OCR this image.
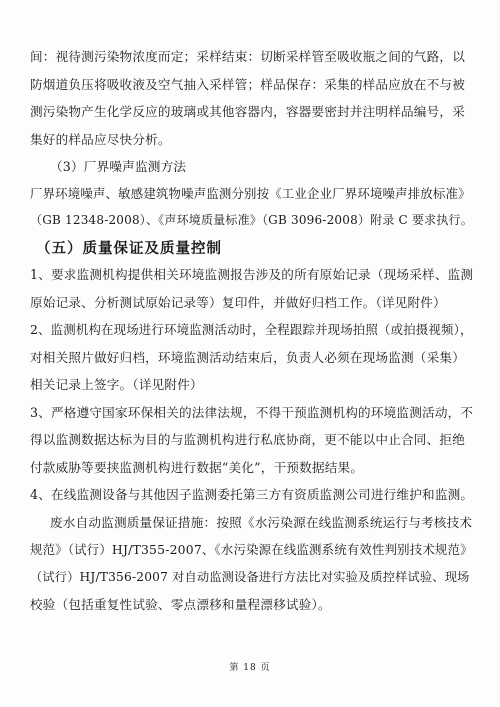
间：视待测污染物浓度而定；采样结束：切断采样管至吸收瓶之间的气路，以
防烟道负压将吸收液及空气抽入采样管；样品保存：采集的样品应放在不与被
测污染物产生化学反应的玻璃或其他容器内，容器要密封并注明样品编号，采
集好的样品应尽快分析。
（3）厂界噪声监测方法
厂界环境噪声、敏感建筑物噪声监测分别按《工业企业厂界环境噪声排放标准》
（GB 12348-2008）、《声环境质量标准》（GB 3096-2008）附录 C 要求执行。
（五）质量保证及质量控制
1、要求监测机构提供相关环境监测报告涉及的所有原始记录（现场采样、监测
原始记录、分析测试原始记录等）复印件，并做好归档工作。（详见附件）
2、监测机构在现场进行环境监测活动时，全程跟踪并现场拍照（或拍摄视频），
对相关照片做好归档，环境监测活动结束后，负责人必须在现场监测（采集）
相关记录上签字。（详见附件）
3、严格遵守国家环保相关的法律法规，不得干预监测机构的环境监测活动，不
得以监测数据达标为目的与监测机构进行私底协商，更不能以中止合同、拒绝
付款威胁等要挟监测机构进行数据“美化”，干预数据结果。
4、在线监测设备与其他因子监测委托第三方有资质监测公司进行维护和监测。
废水自动监测质量保证措施：按照《水污染源在线监测系统运行与考核技术
规范》（试行）HJ/T355-2007、《水污染源在线监测系统有效性判别技术规范》
（试行）HJ/T356-2007 对自动监测设备进行方法比对实验及质控样试验、现场
校验（包括重复性试验、零点漂移和量程漂移试验）。
第 18 页
